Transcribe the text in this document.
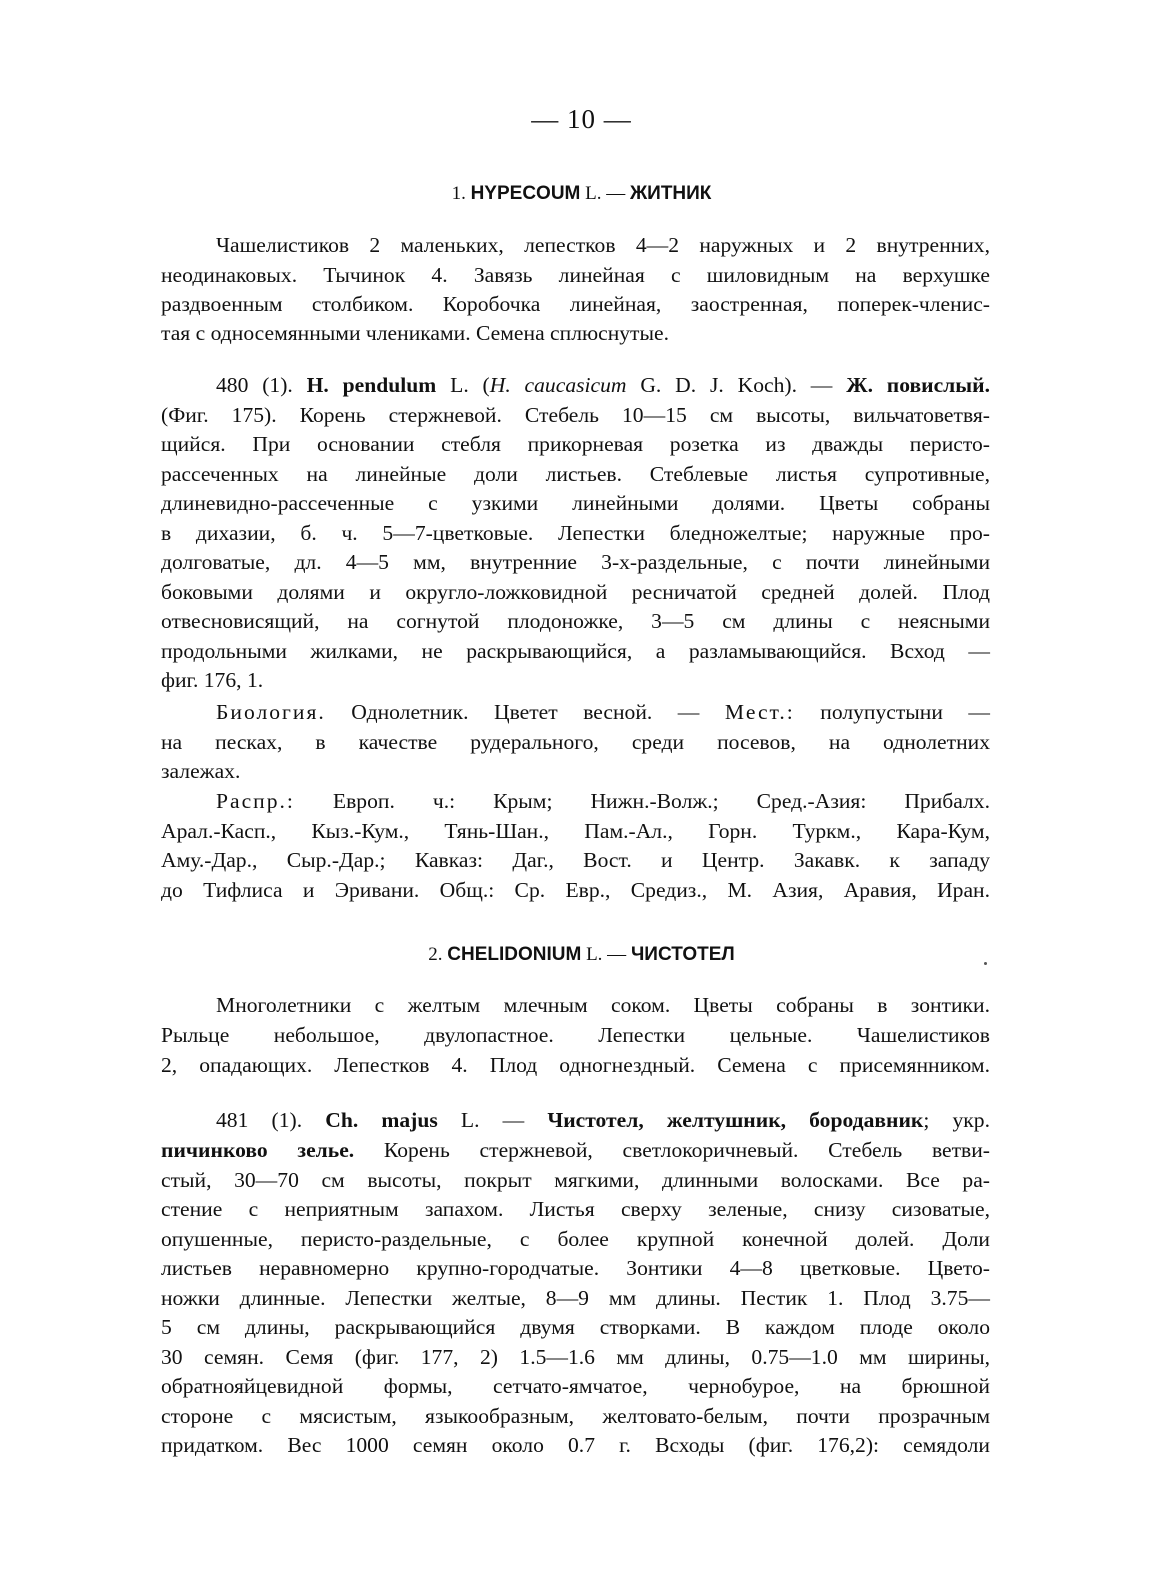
— 10 —
1. HYPECOUM L. — ЖИТНИК
Чашелистиков 2 маленьких, лепестков 4—2 наружных и 2 внутренних,
неодинаковых. Тычинок 4. Завязь линейная с шиловидным на верхушке
раздвоенным столбиком. Коробочка линейная, заостренная, поперек-членис-
тая с односемянными члениками. Семена сплюснутые.
480 (1). H. pendulum L. (H. caucasicum G. D. J. Koch). — Ж. повислый.
(Фиг. 175). Корень стержневой. Стебель 10—15 см высоты, вильчатоветвя-
щийся. При основании стебля прикорневая розетка из дважды перисто-
рассеченных на линейные доли листьев. Стеблевые листья супротивные,
длиневидно-рассеченные с узкими линейными долями. Цветы собраны
в дихазии, б. ч. 5—7-цветковые. Лепестки бледножелтые; наружные про-
долговатые, дл. 4—5 мм, внутренние 3-х-раздельные, с почти линейными
боковыми долями и округло-ложковидной ресничатой средней долей. Плод
отвесновисящий, на согнутой плодоножке, 3—5 см длины с неясными
продольными жилками, не раскрывающийся, а разламывающийся. Всход —
фиг. 176, 1.
Биология. Однолетник. Цветет весной. — Мест.: полупустыни —
на песках, в качестве рудерального, среди посевов, на однолетних
залежах.
Распр.: Европ. ч.: Крым; Нижн.-Волж.; Сред.-Азия: Прибалх.
Арал.-Касп., Кыз.-Кум., Тянь-Шан., Пам.-Ал., Горн. Туркм., Кара-Кум,
Аму.-Дар., Сыр.-Дар.; Кавказ: Даг., Вост. и Центр. Закавк. к западу
до Тифлиса и Эривани. Общ.: Ср. Евр., Средиз., М. Азия, Аравия, Иран.
2. CHELIDONIUM L. — ЧИСТОТЕЛ
Многолетники с желтым млечным соком. Цветы собраны в зонтики.
Рыльце небольшое, двулопастное. Лепестки цельные. Чашелистиков
2, опадающих. Лепестков 4. Плод одногнездный. Семена с присемянником.
481 (1). Ch. majus L. — Чистотел, желтушник, бородавник; укр.
пичинково зелье. Корень стержневой, светлокоричневый. Стебель ветви-
стый, 30—70 см высоты, покрыт мягкими, длинными волосками. Все ра-
стение с неприятным запахом. Листья сверху зеленые, снизу сизоватые,
опушенные, перисто-раздельные, с более крупной конечной долей. Доли
листьев неравномерно крупно-городчатые. Зонтики 4—8 цветковые. Цвето-
ножки длинные. Лепестки желтые, 8—9 мм длины. Пестик 1. Плод 3.75—
5 см длины, раскрывающийся двумя створками. В каждом плоде около
30 семян. Семя (фиг. 177, 2) 1.5—1.6 мм длины, 0.75—1.0 мм ширины,
обратнояйцевидной формы, сетчато-ямчатое, чернобурое, на брюшной
стороне с мясистым, языкообразным, желтовато-белым, почти прозрачным
придатком. Вес 1000 семян около 0.7 г. Всходы (фиг. 176,2): семядоли
